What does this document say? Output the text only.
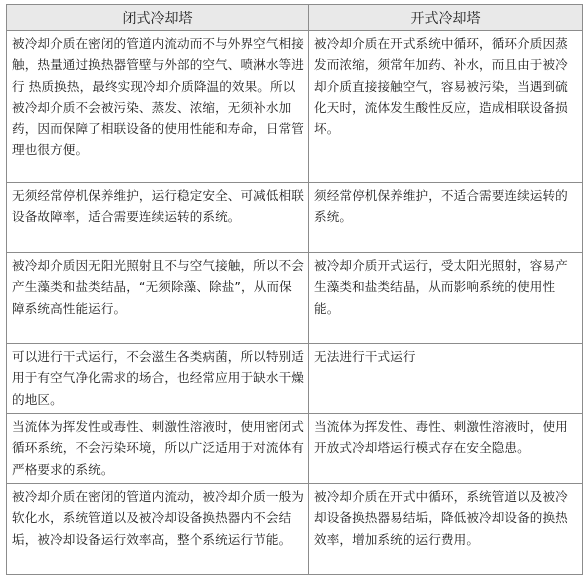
闭式冷却塔	开式冷却塔
被冷却介质在密闭的管道内流动而不与外界空气相接触，热量通过换热器管壁与外部的空气、喷淋水等进行 热质换热，最终实现冷却介质降温的效果。所以被冷却介质不会被污染、蒸发、浓缩，无须补水加药，因而保障了相联设备的使用性能和寿命，日常管理也很方便。	被冷却介质在开式系统中循环，循环介质因蒸发而浓缩，须常年加药、补水，而且由于被冷却介质直接接触空气，容易被污染，当遇到硫化天时，流体发生酸性反应，造成相联设备损坏。
无须经常停机保养维护，运行稳定安全、可减低相联设备故障率，适合需要连续运转的系统。	须经常停机保养维护，不适合需要连续运转的系统。
被冷却介质因无阳光照射且不与空气接触，所以不会产生藻类和盐类结晶，“无须除藻、除盐”，从而保障系统高性能运行。	被冷却介质开式运行，受太阳光照射，容易产生藻类和盐类结晶，从而影响系统的使用性能。
可以进行干式运行，不会滋生各类病菌，所以特别适用于有空气净化需求的场合，也经常应用于缺水干燥的地区。	无法进行干式运行
当流体为挥发性或毒性、刺激性溶液时，使用密闭式循环系统，不会污染环境，所以广泛适用于对流体有严格要求的系统。	当流体为挥发性、毒性、刺激性溶液时，使用开放式冷却塔运行模式存在安全隐患。
被冷却介质在密闭的管道内流动，被冷却介质一般为软化水，系统管道以及被冷却设备换热器内不会结垢，被冷却设备运行效率高，整个系统运行节能。	被冷却介质在开式中循环，系统管道以及被冷却设备换热器易结垢，降低被冷却设备的换热效率，增加系统的运行费用。
